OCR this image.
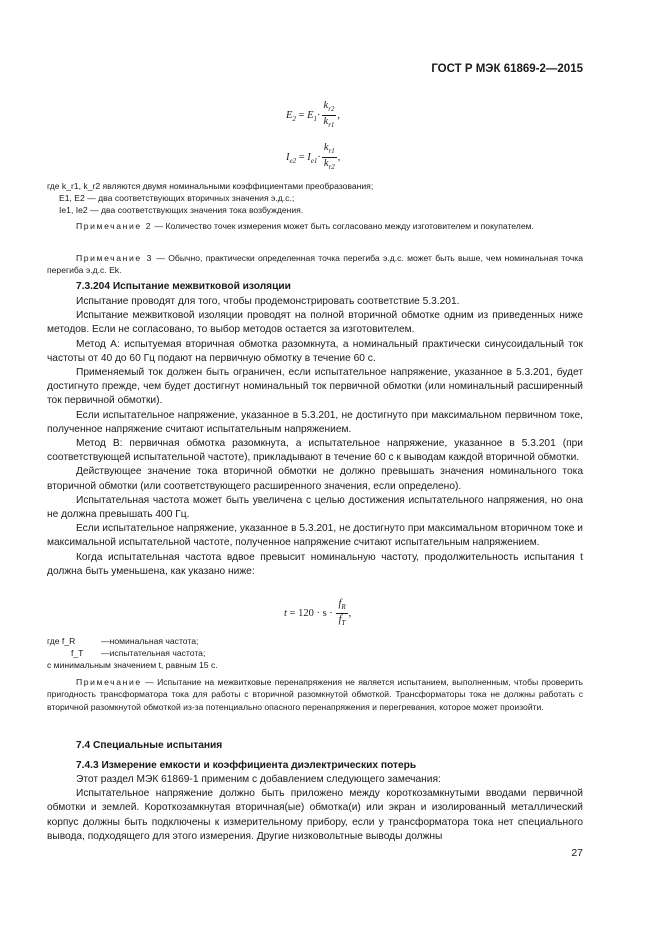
ГОСТ Р МЭК 61869-2—2015
$E_2 = E_1\cdot \frac{k_{r2}}{k_{r1}}$ ,
$I_{e2} = I_{e1}\cdot \frac{k_{r1}}{k_{r2}}$ ,
где k_r1, k_r2 являются двумя номинальными коэффициентами преобразования;
E1, E2 — два соответствующих вторичных значения э.д.с.;
Ie1, Ie2 — два соответствующих значения тока возбуждения.
Примечание 2 — Количество точек измерения может быть согласовано между изготовителем и покупателем.
Примечание 3 — Обычно, практически определенная точка перегиба э.д.с. может быть выше, чем номинальная точка перегиба э.д.с. Ek.
7.3.204 Испытание межвитковой изоляции
Испытание проводят для того, чтобы продемонстрировать соответствие 5.3.201.
Испытание межвитковой изоляции проводят на полной вторичной обмотке одним из приведенных ниже методов. Если не согласовано, то выбор методов остается за изготовителем.
Метод А: испытуемая вторичная обмотка разомкнута, а номинальный практически синусоидальный ток частоты от 40 до 60 Гц подают на первичную обмотку в течение 60 с.
Применяемый ток должен быть ограничен, если испытательное напряжение, указанное в 5.3.201, будет достигнуто прежде, чем будет достигнут номинальный ток первичной обмотки (или номинальный расширенный ток первичной обмотки).
Если испытательное напряжение, указанное в 5.3.201, не достигнуто при максимальном первичном токе, полученное напряжение считают испытательным напряжением.
Метод В: первичная обмотка разомкнута, а испытательное напряжение, указанное в 5.3.201 (при соответствующей испытательной частоте), прикладывают в течение 60 с к выводам каждой вторичной обмотки.
Действующее значение тока вторичной обмотки не должно превышать значения номинального тока вторичной обмотки (или соответствующего расширенного значения, если определено).
Испытательная частота может быть увеличена с целью достижения испытательного напряжения, но она не должна превышать 400 Гц.
Если испытательное напряжение, указанное в 5.3.201, не достигнуто при максимальном вторичном токе и максимальной испытательной частоте, полученное напряжение считают испытательным напряжением.
Когда испытательная частота вдвое превысит номинальную частоту, продолжительность испытания t должна быть уменьшена, как указано ниже:
$t = 120 \cdot s \cdot \frac{f_R}{f_T}$ ,
где f_R	— номинальная частота;
f_T	— испытательная частота;
с минимальным значением t, равным 15 с.
Примечание — Испытание на межвитковые перенапряжения не является испытанием, выполненным, чтобы проверить пригодность трансформатора тока для работы с вторичной разомкнутой обмоткой. Трансформаторы тока не должны работать с вторичной разомкнутой обмоткой из-за потенциально опасного перенапряжения и перегревания, которое может произойти.
7.4 Специальные испытания
7.4.3 Измерение емкости и коэффициента диэлектрических потерь
Этот раздел МЭК 61869-1 применим с добавлением следующего замечания:
Испытательное напряжение должно быть приложено между короткозамкнутыми вводами первичной обмотки и землей. Короткозамкнутая вторичная(ые) обмотка(и) или экран и изолированный металлический корпус должны быть подключены к измерительному прибору, если у трансформатора тока нет специального вывода, подходящего для этого измерения. Другие низковольтные выводы должны
27
